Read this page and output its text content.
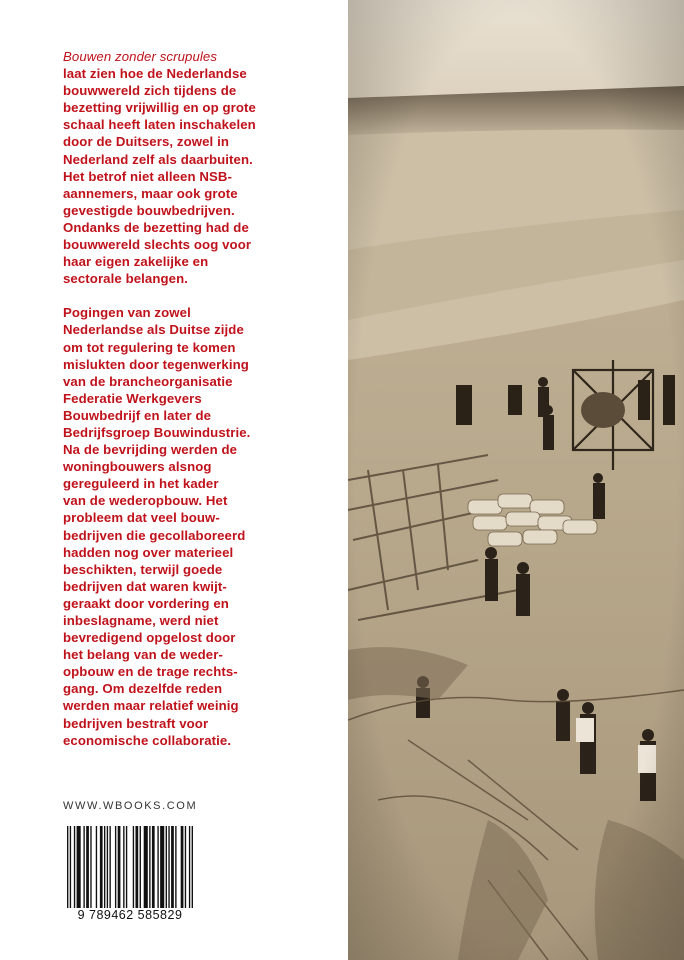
Bouwen zonder scrupules
laat zien hoe de Nederlandse
bouwwereld zich tijdens de
bezetting vrijwillig en op grote
schaal heeft laten inschakelen
door de Duitsers, zowel in
Nederland zelf als daarbuiten.
Het betrof niet alleen NSB-
aannemers, maar ook grote
gevestigde bouwbedrijven.
Ondanks de bezetting had de
bouwwereld slechts oog voor
haar eigen zakelijke en
sectorale belangen.

Pogingen van zowel
Nederlandse als Duitse zijde
om tot regulering te komen
mislukten door tegenwerking
van de brancheorganisatie
Federatie Werkgevers
Bouwbedrijf en later de
Bedrijfsgroep Bouwindustrie.
Na de bevrijding werden de
woningbouwers alsnog
gereguleerd in het kader
van de wederopbouw. Het
probleem dat veel bouw-
bedrijven die gecollaboreerd
hadden nog over materieel
beschikten, terwijl goede
bedrijven dat waren kwijt-
geraakt door vordering en
inbeslagname, werd niet
bevredigend opgelost door
het belang van de weder-
opbouw en de trage rechts-
gang. Om dezelfde reden
werden maar relatief weinig
bedrijven bestraft voor
economische collaboratie.

WWW.WBOOKS.COM
9 789462 585829
